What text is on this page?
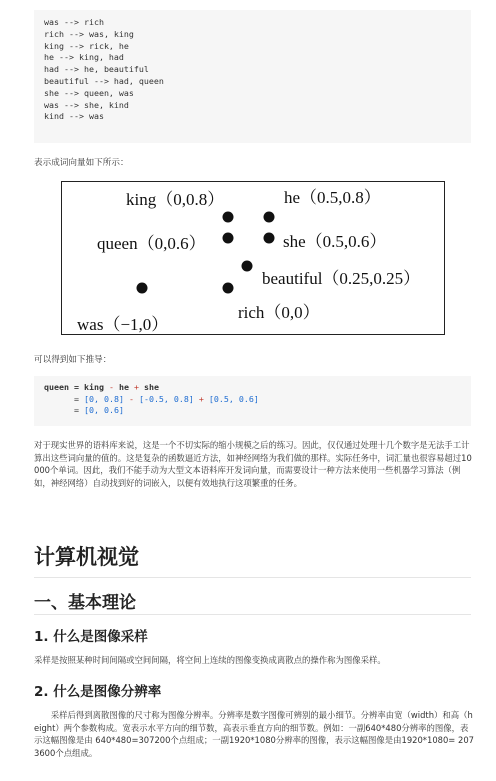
was --> rich
rich --> was, king
king --> rick, he
he --> king, had
had --> he, beautiful
beautiful --> had, queen
she --> queen, was
was --> she, kind
kind --> was
表示成词向量如下所示：
king（0,0.8）	he（0.5,0.8）
queen（0,0.6）	she（0.5,0.6）
beautiful（0.25,0.25）
rich（0,0）
was（−1,0）
可以得到如下推导：
queen = king - he + she
= [0, 0.8] - [-0.5, 0.8] + [0.5, 0.6]
= [0, 0.6]
对于现实世界的语料库来说，这是一个不切实际的缩小规模之后的练习。因此，仅仅通过处理十几个数字是无法手工计算出这些词向量的值的。这是复杂的函数逼近方法，如神经网络为我们做的那样。实际任务中，词汇量也很容易超过10000个单词。因此，我们不能手动为大型文本语料库开发词向量，而需要设计一种方法来使用一些机器学习算法（例如，神经网络）自动找到好的词嵌入，以便有效地执行这项繁重的任务。
计算机视觉
一、基本理论
1. 什么是图像采样
采样是按照某种时间间隔或空间间隔，将空间上连续的图像变换成离散点的操作称为图像采样。
2. 什么是图像分辨率
采样后得到离散图像的尺寸称为图像分辨率。分辨率是数字图像可辨别的最小细节。分辨率由宽（width）和高（height）两个参数构成。宽表示水平方向的细节数，高表示垂直方向的细节数。例如：一副640*480分辨率的图像，表示这幅图像是由 640*480=307200个点组成；一副1920*1080分辨率的图像，表示这幅图像是由1920*1080= 2073600个点组成。
